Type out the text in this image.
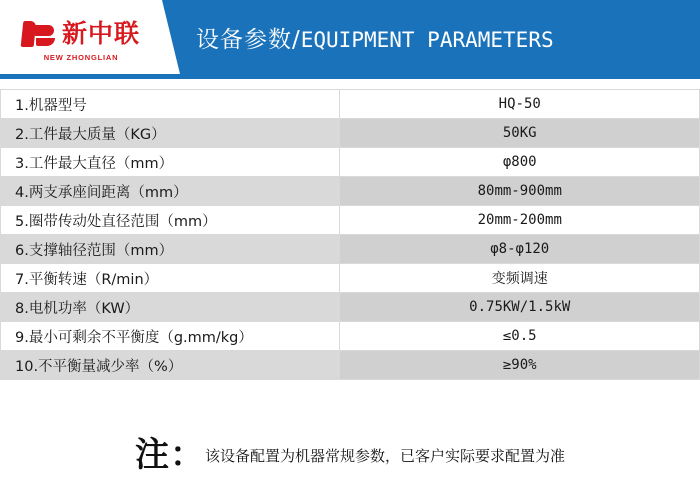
新中联
NEW ZHONGLIAN
设备参数/EQUIPMENT PARAMETERS
1.机器型号	HQ-50
2.工件最大质量（KG）	50KG
3.工件最大直径（mm）	φ800
4.两支承座间距离（mm）	80mm-900mm
5.圈带传动处直径范围（mm）	20mm-200mm
6.支撑轴径范围（mm）	φ8-φ120
7.平衡转速（R/min）	变频调速
8.电机功率（KW）	0.75KW/1.5kW
9.最小可剩余不平衡度（g.mm/kg）	≤0.5
10.不平衡量减少率（%）	≥90%
注：该设备配置为机器常规参数，已客户实际要求配置为准
